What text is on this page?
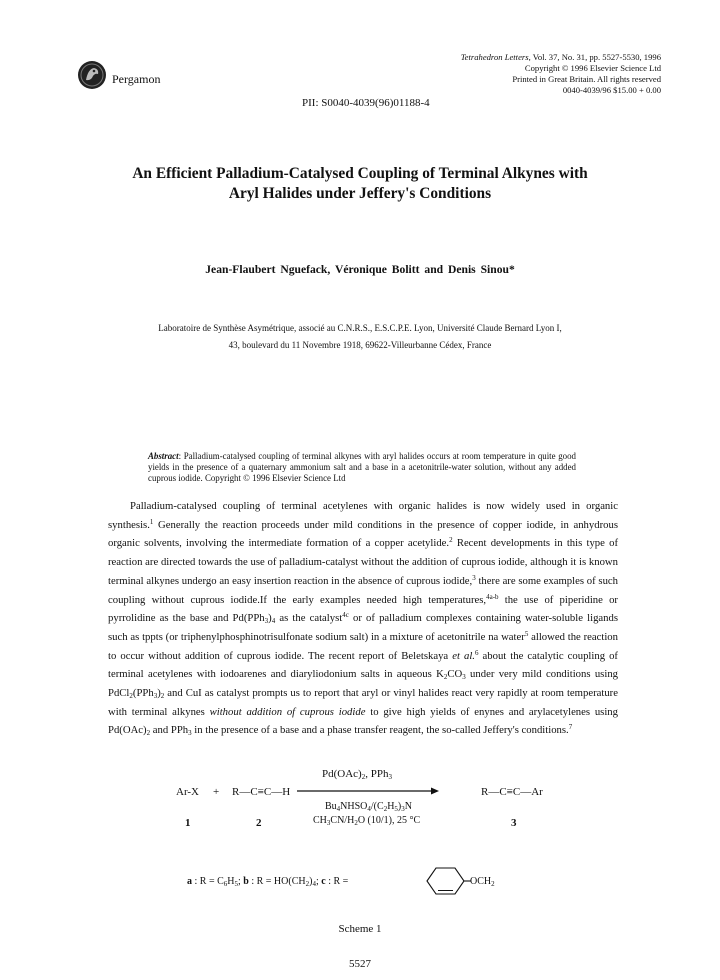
Pergamon
Tetrahedron Letters, Vol. 37, No. 31, pp. 5527-5530, 1996
Copyright © 1996 Elsevier Science Ltd
Printed in Great Britain. All rights reserved
0040-4039/96 $15.00 + 0.00
PII: S0040-4039(96)01188-4
An Efficient Palladium-Catalysed Coupling of Terminal Alkynes with
Aryl Halides under Jeffery's Conditions
Jean-Flaubert Nguefack, Véronique Bolitt and Denis Sinou*
Laboratoire de Synthèse Asymétrique, associé au C.N.R.S., E.S.C.P.E. Lyon, Université Claude Bernard Lyon I,
43, boulevard du 11 Novembre 1918, 69622-Villeurbanne Cédex, France
Abstract: Palladium-catalysed coupling of terminal alkynes with aryl halides occurs at room temperature in quite good yields in the presence of a quaternary ammonium salt and a base in a acetonitrile-water solution, without any added cuprous iodide. Copyright © 1996 Elsevier Science Ltd

Palladium-catalysed coupling of terminal acetylenes with organic halides is now widely used in organic synthesis.$^1$ Generally the reaction proceeds under mild conditions in the presence of copper iodide, in anhydrous organic solvents, involving the intermediate formation of a copper acetylide.$^2$ Recent developments in this type of reaction are directed towards the use of palladium-catalyst without the addition of cuprous iodide, although it is known terminal alkynes undergo an easy insertion reaction in the absence of cuprous iodide,$^3$ there are some examples of such coupling without cuprous iodide.If the early examples needed high temperatures,$^{4a-b}$ the use of piperidine or pyrrolidine as the base and $Pd(PPh_3)_4$ as the catalyst$^{4c}$ or of palladium complexes containing water-soluble ligands such as tppts (or triphenylphosphinotrisulfonate sodium salt) in a mixture of acetonitrile na water$^5$ allowed the reaction to occur without addition of cuprous iodide. The recent report of Beletskaya et al.$^6$ about the catalytic coupling of terminal acetylenes with iodoarenes and diaryliodonium salts in aqueous $K_2CO_3$ under very mild conditions using $PdCl_2(PPh_3)_2$ and CuI as catalyst prompts us to report that aryl or vinyl halides react very rapidly at room temperature with terminal alkynes without addition of cuprous iodide to give high yields of enynes and arylacetylenes using $Pd(OAc)_2$ and PPh$_3$ in the presence of a base and a phase transfer reagent, the so-called Jeffery's conditions.$^7$

$Pd(OAc)_2$, PPh$_3$
Ar-X + R—C≡C—H	R—C≡C—Ar
$Bu_4NHSO_4/(C_2H_5)_3N$
$CH_3CN/H_2O$ (10/1), 25 °C
1	2	3
a : $R = C_6H_5$; b : $R = HO(CH_2)_4$; c : R =	$OCH_2$
Scheme 1
5527
